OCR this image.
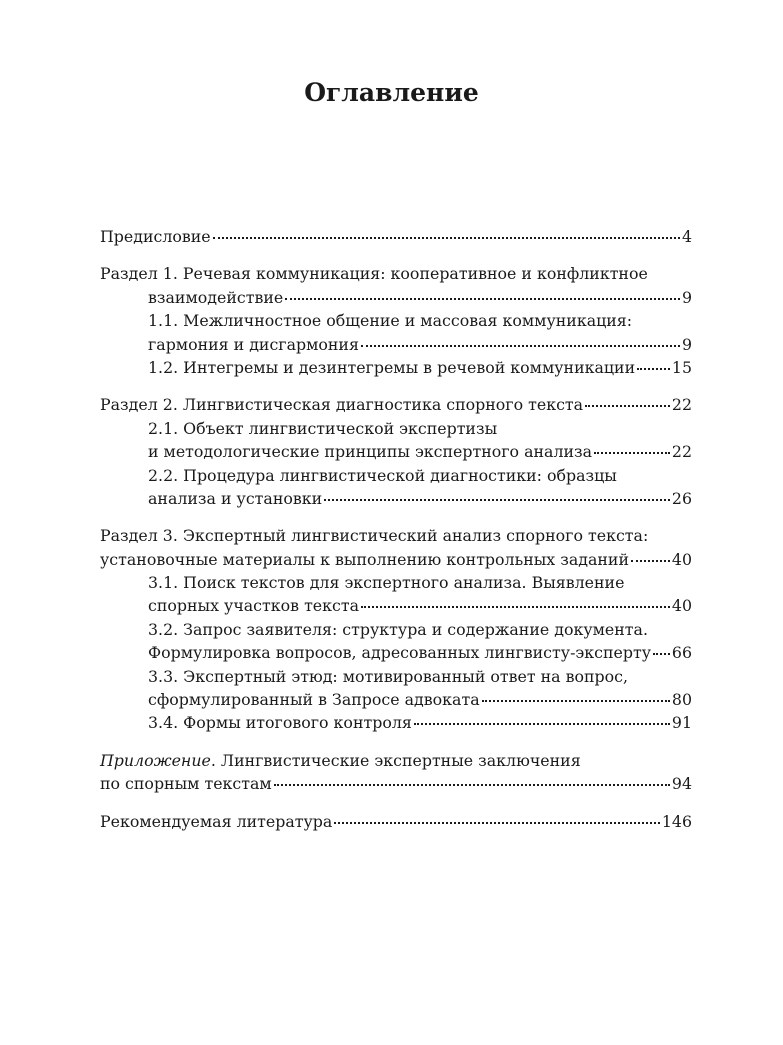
Оглавление
Предисловие	4
Раздел 1. Речевая коммуникация: кооперативное и конфликтное
взаимодействие	9
1.1. Межличностное общение и массовая коммуникация:
гармония и дисгармония	9
1.2. Интегремы и дезинтегремы в речевой коммуникации 15
Раздел 2. Лингвистическая диагностика спорного текста	22
2.1. Объект лингвистической экспертизы
и методологические принципы экспертного анализа	22
2.2. Процедура лингвистической диагностики: образцы
анализа и установки	26
Раздел 3. Экспертный лингвистический анализ спорного текста:
установочные материалы к выполнению контрольных заданий	40
3.1. Поиск текстов для экспертного анализа. Выявление
спорных участков текста	40
3.2. Запрос заявителя: структура и содержание документа.
Формулировка вопросов, адресованных лингвисту-эксперту 66
3.3. Экспертный этюд: мотивированный ответ на вопрос,
сформулированный в Запросе адвоката	80
3.4. Формы итогового контроля	91
Приложение. Лингвистические экспертные заключения
по спорным текстам	94
Рекомендуемая литература	146
